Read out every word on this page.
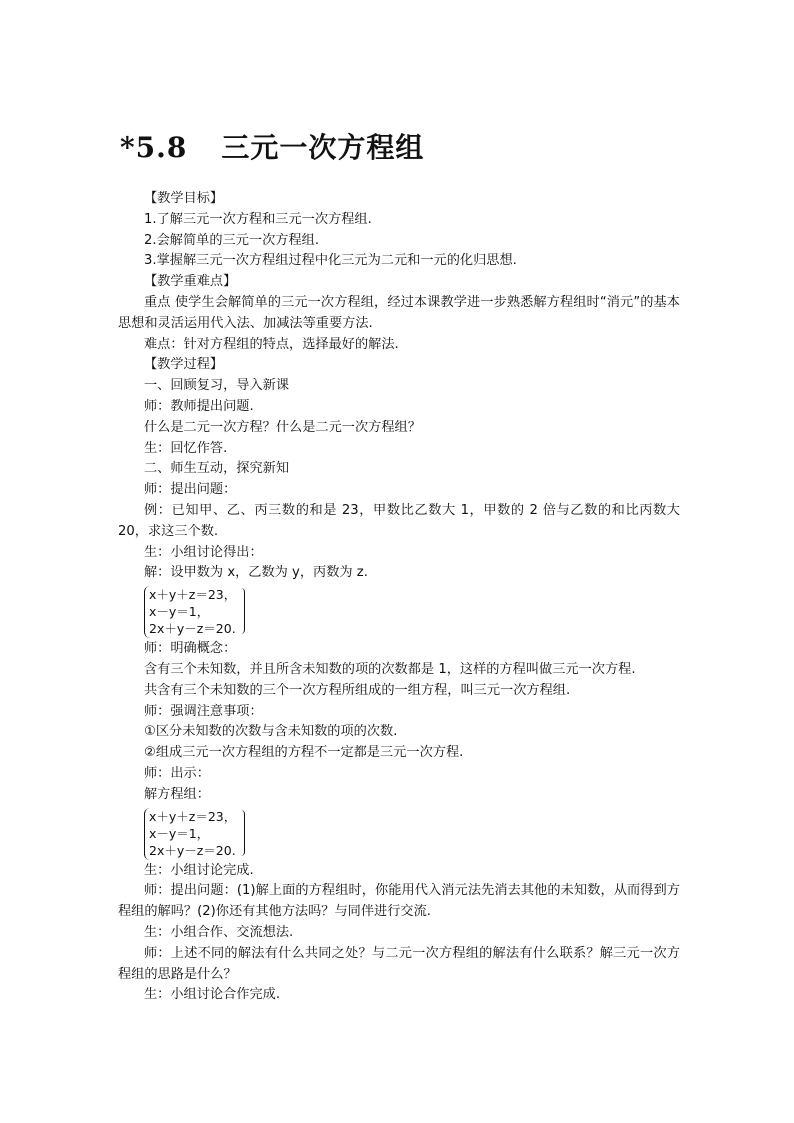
*5.8 三元一次方程组

【教学目标】

1.了解三元一次方程和三元一次方程组.

2.会解简单的三元一次方程组.

3.掌握解三元一次方程组过程中化三元为二元和一元的化归思想.

【教学重难点】

重点 使学生会解简单的三元一次方程组，经过本课教学进一步熟悉解方程组时“消元”的基本思想和灵活运用代入法、加减法等重要方法.

难点：针对方程组的特点，选择最好的解法.

【教学过程】

一、回顾复习，导入新课

师：教师提出问题.

什么是二元一次方程？什么是二元一次方程组？

生：回忆作答.

二、师生互动，探究新知

师：提出问题：

例：已知甲、乙、丙三数的和是 23，甲数比乙数大 1，甲数的 2 倍与乙数的和比丙数大 20，求这三个数.

生：小组讨论得出：

解：设甲数为 x，乙数为 y，丙数为 z.

x＋y＋z＝23，
x－y＝1，
2x＋y－z＝20.

师：明确概念：

含有三个未知数，并且所含未知数的项的次数都是 1，这样的方程叫做三元一次方程.

共含有三个未知数的三个一次方程所组成的一组方程，叫三元一次方程组.

师：强调注意事项：

①区分未知数的次数与含未知数的项的次数.

②组成三元一次方程组的方程不一定都是三元一次方程.

师：出示：

解方程组：

x＋y＋z＝23，
x－y＝1，
2x＋y－z＝20.

生：小组讨论完成.

师：提出问题：(1)解上面的方程组时，你能用代入消元法先消去其他的未知数，从而得到方程组的解吗？(2)你还有其他方法吗？与同伴进行交流.

生：小组合作、交流想法.

师：上述不同的解法有什么共同之处？与二元一次方程组的解法有什么联系？解三元一次方程组的思路是什么？

生：小组讨论合作完成.
